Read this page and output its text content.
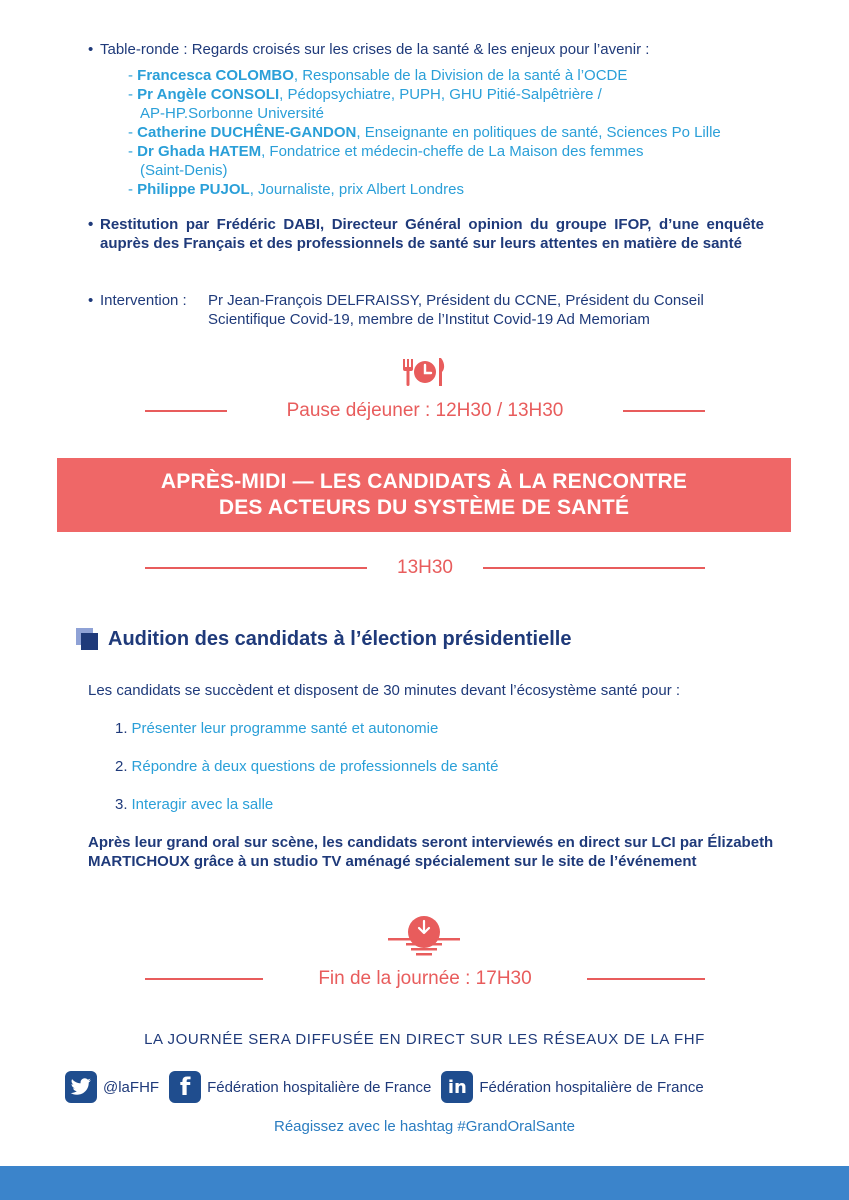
• Table-ronde : Regards croisés sur les crises de la santé & les enjeux pour l’avenir :
- Francesca COLOMBO, Responsable de la Division de la santé à l’OCDE
- Pr Angèle CONSOLI, Pédopsychiatre, PUPH, GHU Pitié-Salpêtrière /
AP-HP.Sorbonne Université
- Catherine DUCHÊNE-GANDON, Enseignante en politiques de santé, Sciences Po Lille
- Dr Ghada HATEM, Fondatrice et médecin-cheffe de La Maison des femmes
(Saint-Denis)
- Philippe PUJOL, Journaliste, prix Albert Londres
• Restitution par Frédéric DABI, Directeur Général opinion du groupe IFOP, d’une enquête auprès des Français et des professionnels de santé sur leurs attentes en matière de santé
• Intervention : Pr Jean-François DELFRAISSY, Président du CCNE, Président du Conseil
Scientifique Covid-19, membre de l’Institut Covid-19 Ad Memoriam
Pause déjeuner : 12H30 / 13H30
APRÈS-MIDI — LES CANDIDATS À LA RENCONTRE
DES ACTEURS DU SYSTÈME DE SANTÉ
13H30
Audition des candidats à l’élection présidentielle
Les candidats se succèdent et disposent de 30 minutes devant l’écosystème santé pour :
1. Présenter leur programme santé et autonomie
2. Répondre à deux questions de professionnels de santé
3. Interagir avec la salle
Après leur grand oral sur scène, les candidats seront interviewés en direct sur LCI par Élizabeth MARTICHOUX grâce à un studio TV aménagé spécialement sur le site de l’événement
Fin de la journée : 17H30
LA JOURNÉE SERA DIFFUSÉE EN DIRECT SUR LES RÉSEAUX DE LA FHF
@laFHF f	Fédération hospitalière de France in Fédération hospitalière de France
Réagissez avec le hashtag #GrandOralSante
